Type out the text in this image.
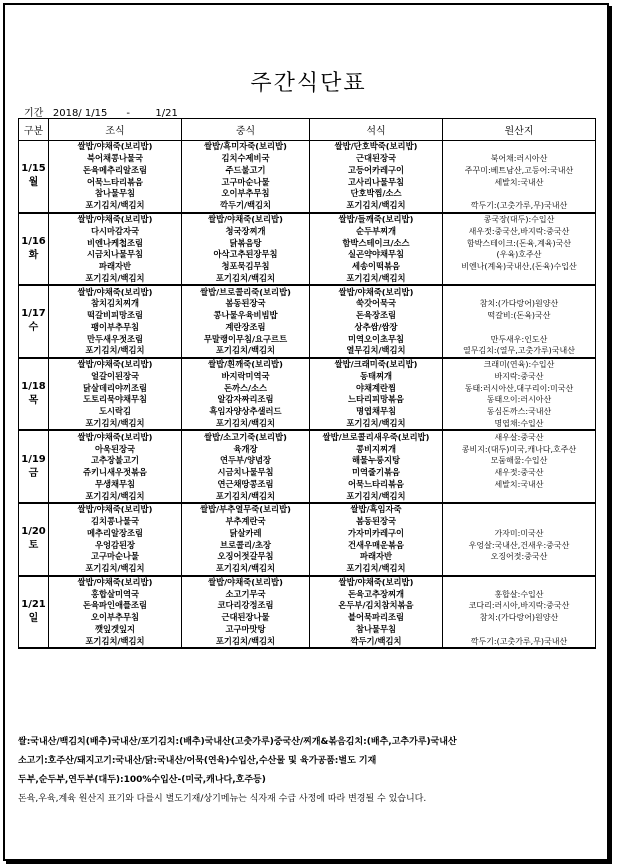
주간식단표
기간   2018/ 1/15      -        1/21
구분	조식	중식	석식	원산지

1/15
월	쌀밥/야채죽(보리밥)	쌀밥/흑미자죽(보리밥)	쌀밥/단호박죽(보리밥)	
	북어채콩나물국	김치수제비국	근대된장국	북어채:러시아산
	돈육메추리알조림	주드불고기	고등어카레구이	주꾸미:베트남산,고등어:국내산
	어묵느타리볶음	고구마순나물	고사리나물무침	세발치:국내산
	참나물무침	오이부추무침	단호박찜/소스	
	포기김치/백김치	깍두기/백김치	포기김치/백김치	깍두기:(고춧가루,무)국내산

1/16
화	쌀밥/야채죽(보리밥)	쌀밥/야채죽(보리밥)	쌀밥/들깨죽(보리밥)	콩국장(대두):수입산
	다시마감자국	청국장찌개	순두부찌개	새우젓:중국산,바지락:중국산
	비엔나케첩조림	닭볶음탕	함박스테이크/소스	함박스테이크:(돈육,계육)국산
	시금치나물무침	아삭고추된장무침	실곤약야채무침	(우육)호주산
	파래자반	청포묵김무침	세송이떡볶음	비엔나(계육)국내산,(돈육)수입산
	포기김치/백김치	포기김치/백김치	포기김치/백김치	

1/17
수	쌀밥/야채죽(보리밥)	쌀밥/브로콜리죽(보리밥)	쌀밥/야채죽(보리밥)	
	참치김치찌개	봄동된장국	쑥갓어묵국	참치:(가다랑어)원양산
	떡갈비피망조림	콩나물우육비빔밥	돈육장조림	떡갈비:(돈육)국산
	팽이부추무침	계란장조림	상추쌈/쌈장	
	만두새우젓조림	무말랭이무침/요구르트	미역오이초무침	만두새우:인도산
	포기김치/백김치	포기김치/백김치	열무김치/백김치	열무김치:(열무,고춧가루)국내산

1/18
목	쌀밥/야채죽(보리밥)	쌀밥/흰깨죽(보리밥)	쌀밥/크래미죽(보리밥)	크래미(연육):수입산
	얼갈이된장국	바지락미역국	동태찌개	바지락:중국산
	닭살데리야끼조림	돈까스/소스	야채계란찜	동태:러시아산,대구리이:미국산
	도토리묵야채무침	알감자짜리조림	느타리피망볶음	동태으이:러시아산
	도시락김	흑임자양상추샐러드	명엽채무침	동심돈까스:국내산
	포기김치/백김치	포기김치/백김치	포기김치/백김치	명엽채:수입산

1/19
금	쌀밥/야채죽(보리밥)	쌀밥/소고기죽(보리밥)	쌀밥/브로콜리새우죽(보리밥)	새우살:중국산
	아욱된장국	육개장	콩비지찌개	콩비지:(대두)미국,캐나다,호주산
	고추장불고기	연두부/양념장	해물누룽지탕	모둠해물:수입산
	쥬키니새우젓볶음	시금치나물무침	미역줄기볶음	새우젓:중국산
	무생채무침	연근채땅콩조림	어묵느타리볶음	세발치:국내산
	포기김치/백김치	포기김치/백김치	포기김치/백김치	

1/20
토	쌀밥/야채죽(보리밥)	쌀밥/부추열무죽(보리밥)	쌀밥/흑임자죽	
	김치콩나물국	부추계란국	봄동된장국	
	메추리알장조림	닭살카레	가자미카레구이	가자미:미국산
	우엉감된장	브로콜리/초장	건새우매운볶음	우엉살:국내산,건새우:중국산
	고구마순나물	오징어젓갈무침	파래자반	오징어젓:중국산
	포기김치/백김치	포기김치/백김치	포기김치/백김치	

1/21
일	쌀밥/야채죽(보리밥)	쌀밥/야채죽(보리밥)	쌀밥/야채죽(보리밥)	
	홍합살미역국	소고기무국	돈육고추장찌개	홍합살:수입산
	돈육파인애플조림	코다리강정조림	온두부/김치참치볶음	코다리:러시아,바지락:중국산
	오이부추무침	근대된장나물	블어묵파리조림	참치:(가다랑어)원양산
	깻잎겟잎지	고구마맛탕	참나물무침	
	포기김치/백김치	포기김치/백김치	깍두기/백김치	깍두기:(고춧가루,무)국내산
쌀:국내산/백김치(배추)국내산/포기김치:(배추)국내산(고춧가루)중국산/찌개&볶음김치:(배추,고추가루)국내산
소고기:호주산/돼지고기:국내산/닭:국내산/어묵(연육)수입산,수산물 및 육가공품:별도 기재
두부,순두부,연두부(대두):100%수입산-(미국,캐나다,호주등)
돈육,우육,계육 원산지 표기와 다를시 별도기재/상기메뉴는 식자재 수급 사정에 따라 변경될 수 있습니다.
